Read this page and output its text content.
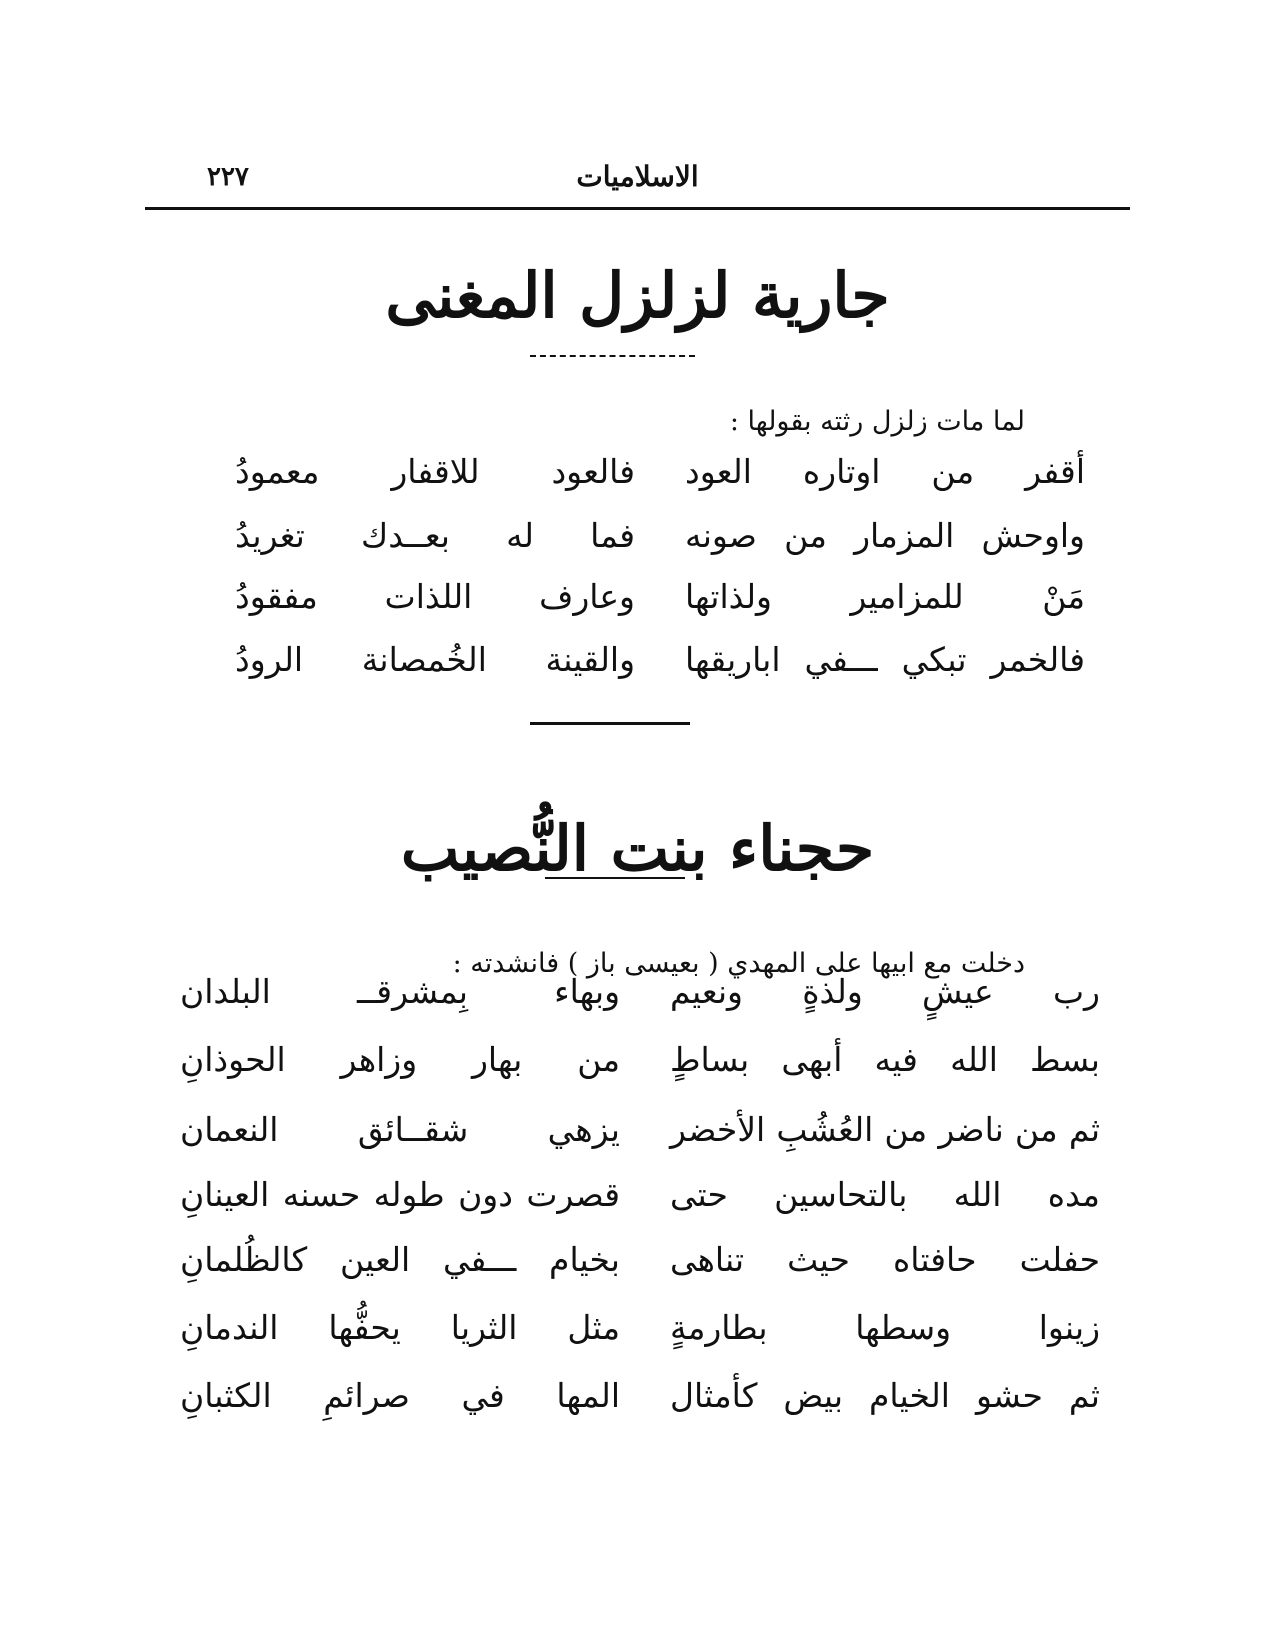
الاسلاميات
٢٢٧
جارية لزلزل المغنى
لما مات زلزل رثته بقولها :
أقفر من اوتاره العود
فالعود للاقفار معمودُ
واوحش المزمار من صونه
فما له بعــدك تغريدُ
مَنْ للمزامير ولذاتها
وعارف اللذات مفقودُ
فالخمر تبكي ـــفي اباريقها
والقينة الخُمصانة الرودُ
حجناء بنت النُّصيب
دخلت مع ابيها على المهدي ( بعيسى باز ) فانشدته :
رب عيشٍ ولذةٍ ونعيم
وبهاء بِمشرقــ البلدان
بسط الله فيه أبهى بساطٍ
من بهار وزاهر الحوذانِ
ثم من ناضر من العُشُبِ الأخضر
يزهي شقــائق النعمان
مده الله بالتحاسين حتى
قصرت دون طوله حسنه العينانِ
حفلت حافتاه حيث تناهى
بخيام ـــفي العين كالظُلمانِ
زينوا وسطها بطارمةٍ
مثل الثريا يحفُّها الندمانِ
ثم حشو الخيام بيض كأمثال
المها في صرائمِ الكثبانِ
